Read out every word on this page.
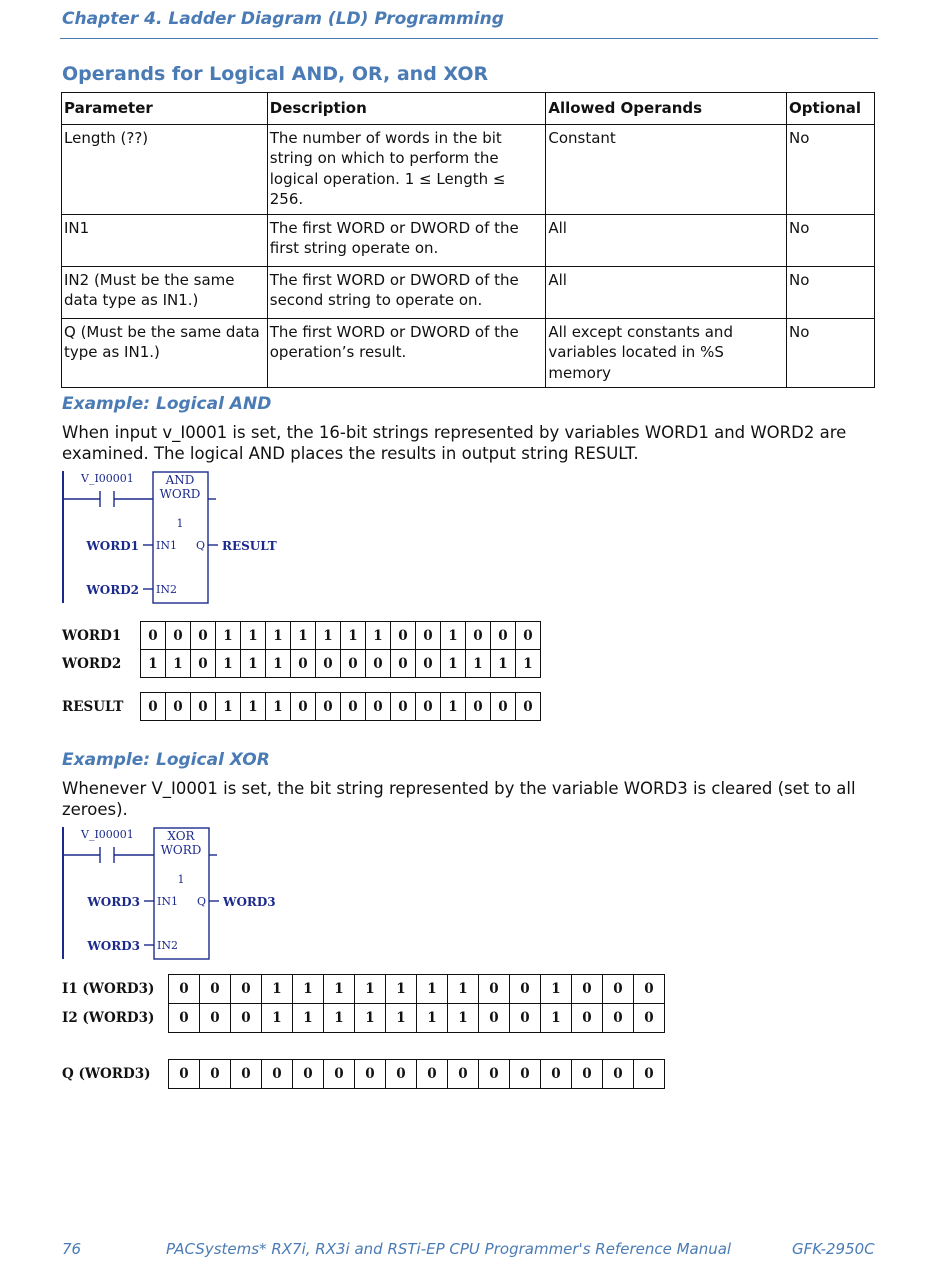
Chapter 4. Ladder Diagram (LD) Programming
Operands for Logical AND, OR, and XOR
Parameter	Description	Allowed Operands	Optional
Length (??)	The number of words in the bit string on which to perform the logical operation. 1 ≤ Length ≤ 256.	Constant	No
IN1	The first WORD or DWORD of the first string operate on.	All	No
IN2 (Must be the same data type as IN1.)	The first WORD or DWORD of the second string to operate on.	All	No
Q (Must be the same data type as IN1.)	The first WORD or DWORD of the operation’s result.	All except constants and variables located in %S memory	No
Example: Logical AND
When input v_I0001 is set, the 16-bit strings represented by variables WORD1 and WORD2 are examined. The logical AND places the results in output string RESULT.
V_I00001	AND
WORD
1
IN1
IN2
Q
WORD1
WORD2
RESULT
WORD1	0	0	0	1	1	1	1	1	1	1	0	0	1	0	0	0
WORD2	1	1	0	1	1	1	0	0	0	0	0	0	1	1	1	1

RESULT	0	0	0	1	1	1	0	0	0	0	0	0	1	0	0	0
Example: Logical XOR
Whenever V_I0001 is set, the bit string represented by the variable WORD3 is cleared (set to all zeroes).
V_I00001	XOR
WORD
1
IN1
IN2
Q
WORD3
WORD3
WORD3
I1 (WORD3)	0	0	0	1	1	1	1	1	1	1	0	0	1	0	0	0
I2 (WORD3)	0	0	0	1	1	1	1	1	1	1	0	0	1	0	0	0

Q (WORD3)	0	0	0	0	0	0	0	0	0	0	0	0	0	0	0	0
76	PACSystems* RX7i, RX3i and RSTi-EP CPU Programmer's Reference Manual	GFK-2950C
